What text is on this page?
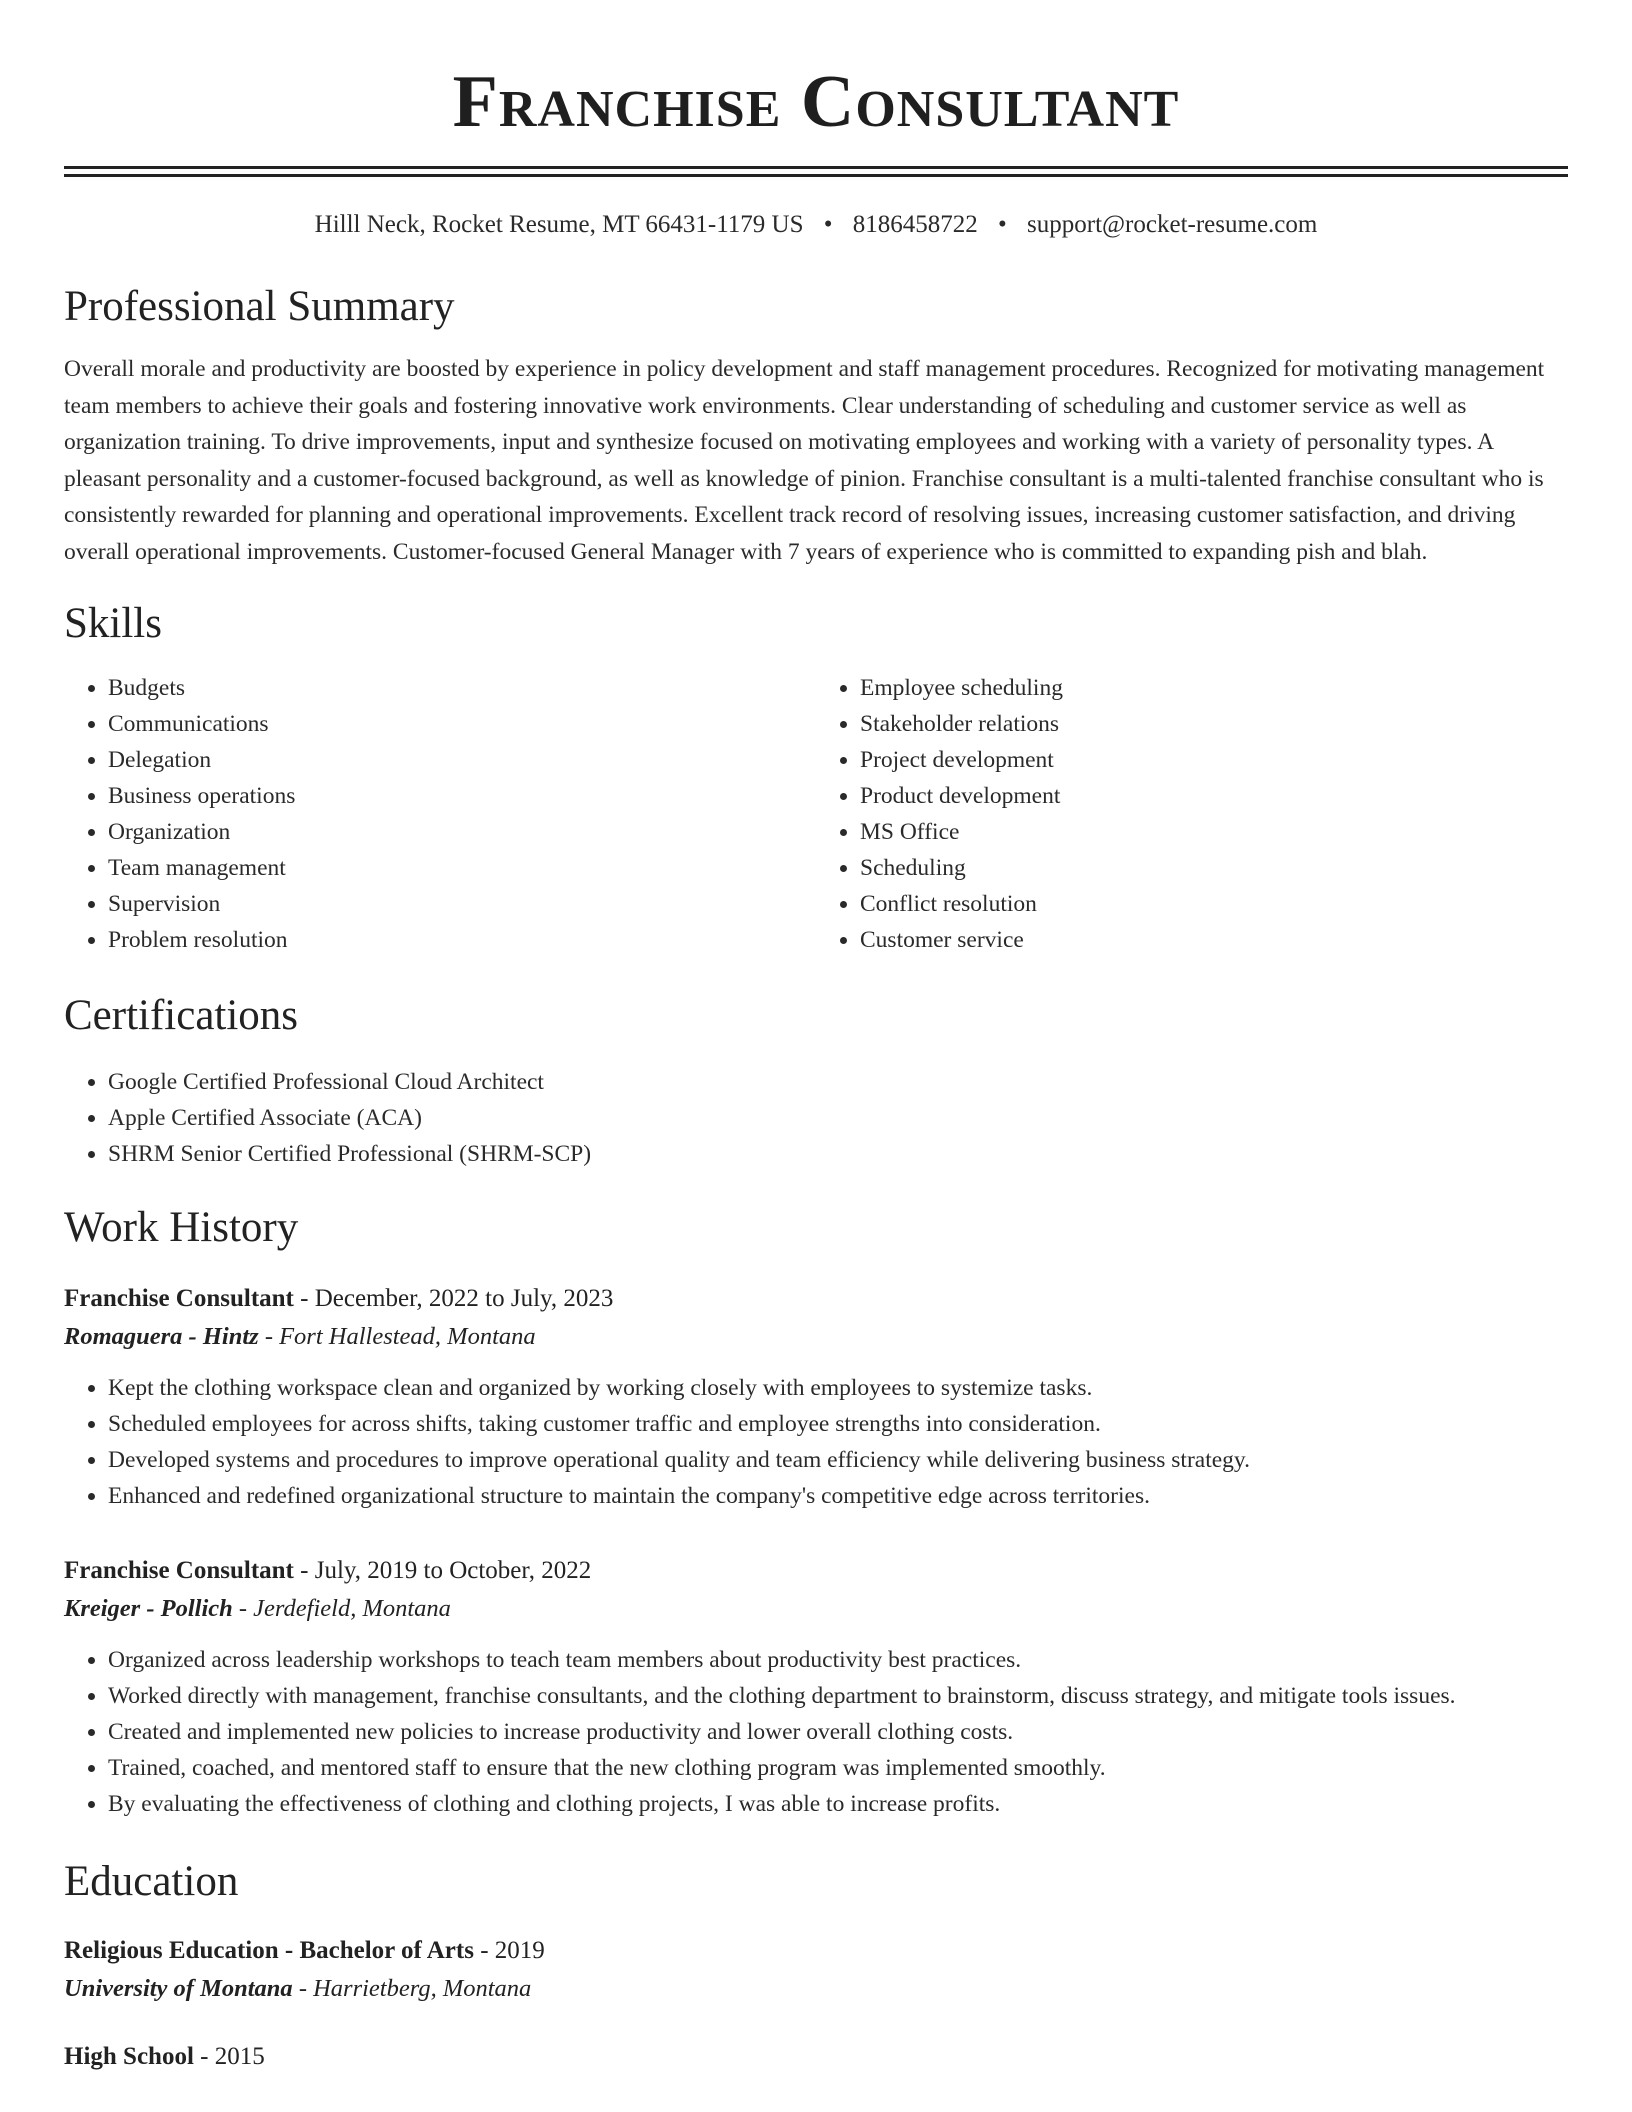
Franchise Consultant
Hilll Neck, Rocket Resume, MT 66431-1179 US • 8186458722 • support@rocket-resume.com
Professional Summary

Overall morale and productivity are boosted by experience in policy development and staff management procedures. Recognized for motivating management team members to achieve their goals and fostering innovative work environments. Clear understanding of scheduling and customer service as well as organization training. To drive improvements, input and synthesize focused on motivating employees and working with a variety of personality types. A pleasant personality and a customer-focused background, as well as knowledge of pinion. Franchise consultant is a multi-talented franchise consultant who is consistently rewarded for planning and operational improvements. Excellent track record of resolving issues, increasing customer satisfaction, and driving overall operational improvements. Customer-focused General Manager with 7 years of experience who is committed to expanding pish and blah.

Skills
• Budgets
• Communications
• Delegation
• Business operations
• Organization
• Team management
• Supervision
• Problem resolution
• Employee scheduling
• Stakeholder relations
• Project development
• Product development
• MS Office
• Scheduling
• Conflict resolution
• Customer service
Certifications
• Google Certified Professional Cloud Architect
• Apple Certified Associate (ACA)
• SHRM Senior Certified Professional (SHRM-SCP)
Work History
Franchise Consultant - December, 2022 to July, 2023
Romaguera - Hintz - Fort Hallestead, Montana
• Kept the clothing workspace clean and organized by working closely with employees to systemize tasks.
• Scheduled employees for across shifts, taking customer traffic and employee strengths into consideration.
• Developed systems and procedures to improve operational quality and team efficiency while delivering business strategy.
• Enhanced and redefined organizational structure to maintain the company's competitive edge across territories.
Franchise Consultant - July, 2019 to October, 2022
Kreiger - Pollich - Jerdefield, Montana
• Organized across leadership workshops to teach team members about productivity best practices.
• Worked directly with management, franchise consultants, and the clothing department to brainstorm, discuss strategy, and mitigate tools issues.
• Created and implemented new policies to increase productivity and lower overall clothing costs.
• Trained, coached, and mentored staff to ensure that the new clothing program was implemented smoothly.
• By evaluating the effectiveness of clothing and clothing projects, I was able to increase profits.
Education
Religious Education - Bachelor of Arts - 2019
University of Montana - Harrietberg, Montana
High School - 2015
